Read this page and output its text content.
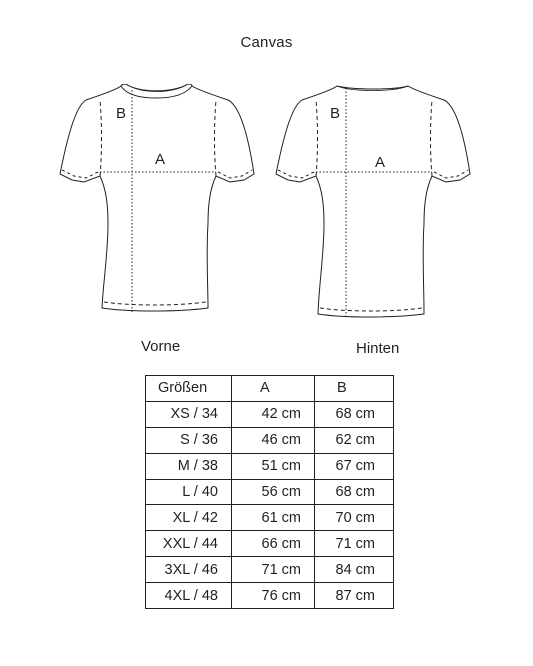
Canvas
B
A
B
A
Vorne	Hinten
Größen	A	B
XS / 34	42 cm	68 cm
S / 36	46 cm	62 cm
M / 38	51 cm	67 cm
L / 40	56 cm	68 cm
XL / 42	61 cm	70 cm
XXL / 44	66 cm	71 cm
3XL / 46	71 cm	84 cm
4XL / 48	76 cm	87 cm
